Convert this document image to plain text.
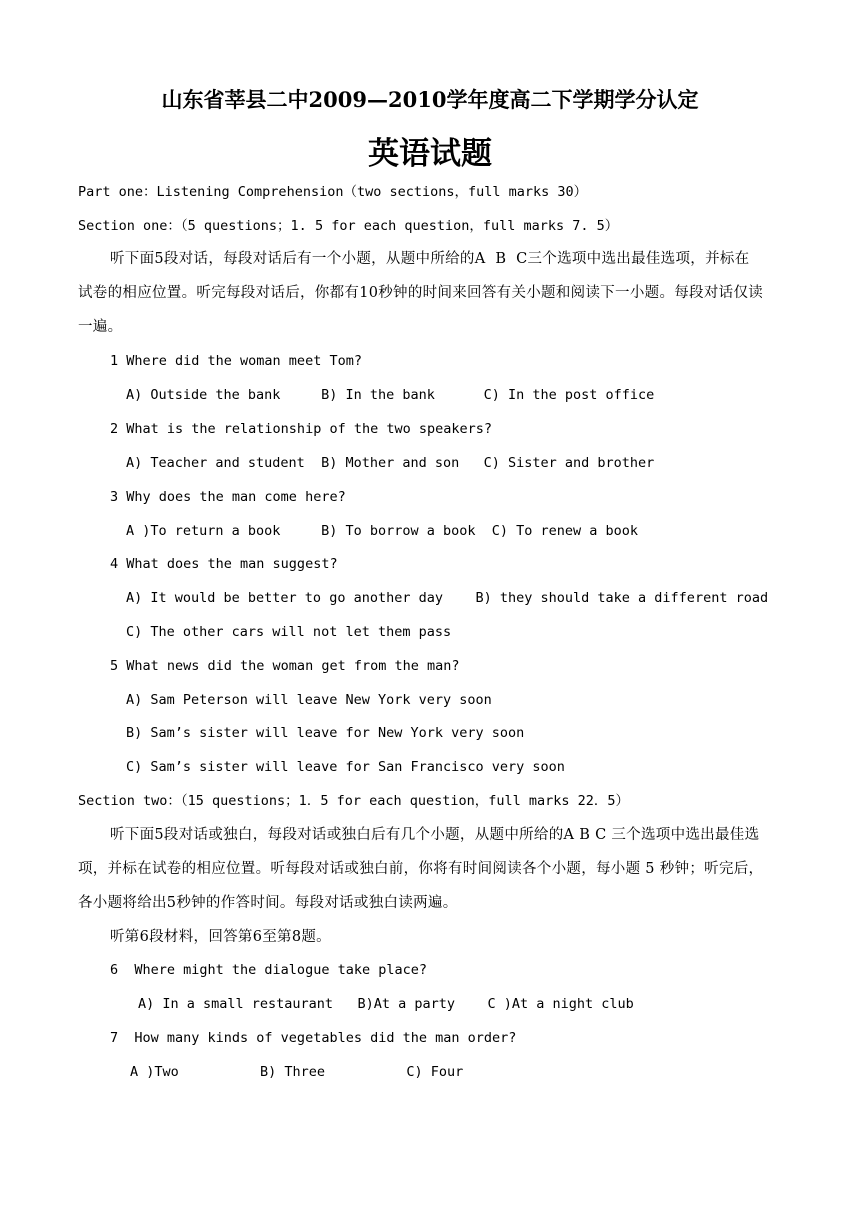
山东省莘县二中2009—2010学年度高二下学期学分认定
英语试题
Part one：Listening Comprehension（two sections，full marks 30）
Section one：（5 questions；1. 5 for each question，full marks 7. 5）
听下面5段对话，每段对话后有一个小题，从题中所给的A  B  C三个选项中选出最佳选项，并标在
试卷的相应位置。听完每段对话后，你都有10秒钟的时间来回答有关小题和阅读下一小题。每段对话仅读
一遍。
1 Where did the woman meet Tom?
A) Outside the bank     B) In the bank      C) In the post office
2 What is the relationship of the two speakers?
A) Teacher and student  B) Mother and son   C) Sister and brother
3 Why does the man come here?
A )To return a book     B) To borrow a book  C) To renew a book
4 What does the man suggest?
A) It would be better to go another day    B) they should take a different road
C) The other cars will not let them pass
5 What news did the woman get from the man?
A) Sam Peterson will leave New York very soon
B) Sam’s sister will leave for New York very soon
C) Sam’s sister will leave for San Francisco very soon
Section two：（15 questions；1．5 for each question，full marks 22．5）
听下面5段对话或独白，每段对话或独白后有几个小题，从题中所给的A B C 三个选项中选出最佳选
项，并标在试卷的相应位置。听每段对话或独白前，你将有时间阅读各个小题，每小题 5 秒钟；听完后，
各小题将给出5秒钟的作答时间。每段对话或独白读两遍。
听第6段材料，回答第6至第8题。
6  Where might the dialogue take place?
A) In a small restaurant   B)At a party    C )At a night club
7  How many kinds of vegetables did the man order?
A )Two          B) Three          C) Four
